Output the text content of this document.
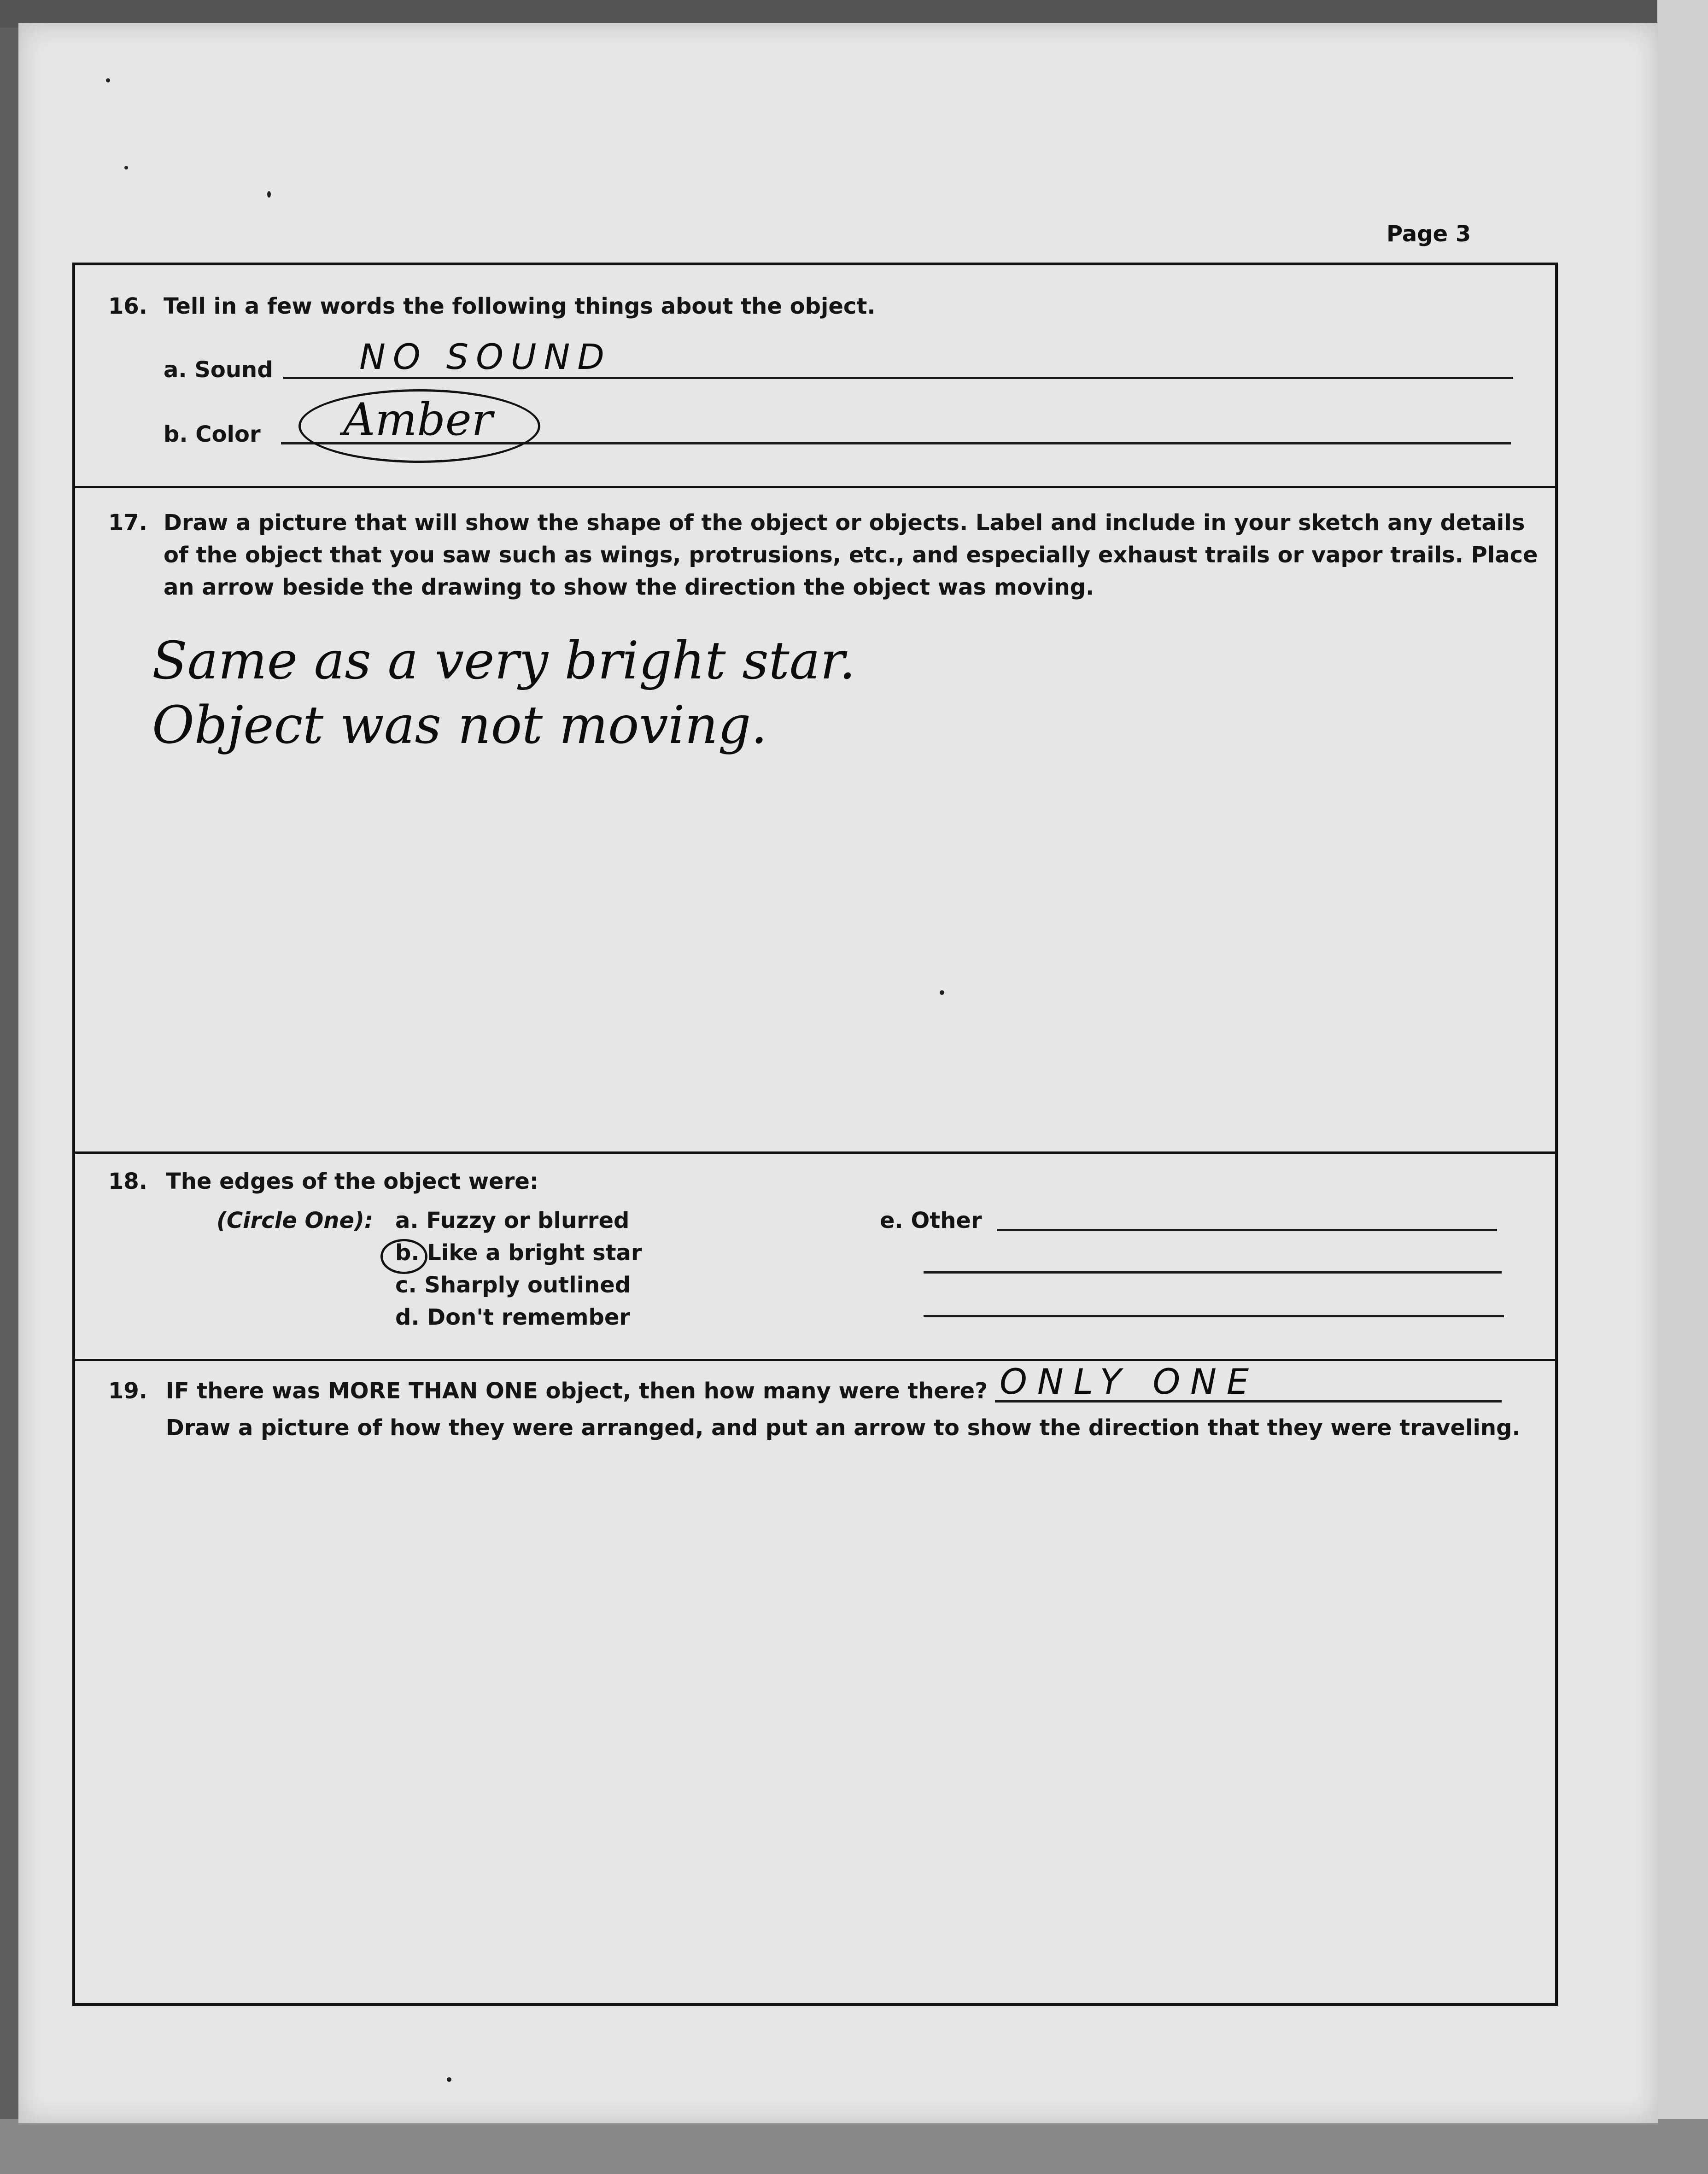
Page 3
16. Tell in a few words the following things about the object.
a. Sound NO SOUND
b. Color Amber
17. Draw a picture that will show the shape of the object or objects. Label and include in your sketch any details
of the object that you saw such as wings, protrusions, etc., and especially exhaust trails or vapor trails. Place
an arrow beside the drawing to show the direction the object was moving.
Same as a very bright star.
Object was not moving.
18. The edges of the object were:
(Circle One): a. Fuzzy or blurred
b. Like a bright star
c. Sharply outlined
d. Don't remember
e. Other
19. IF there was MORE THAN ONE object, then how many were there? ONLY ONE
Draw a picture of how they were arranged, and put an arrow to show the direction that they were traveling.
